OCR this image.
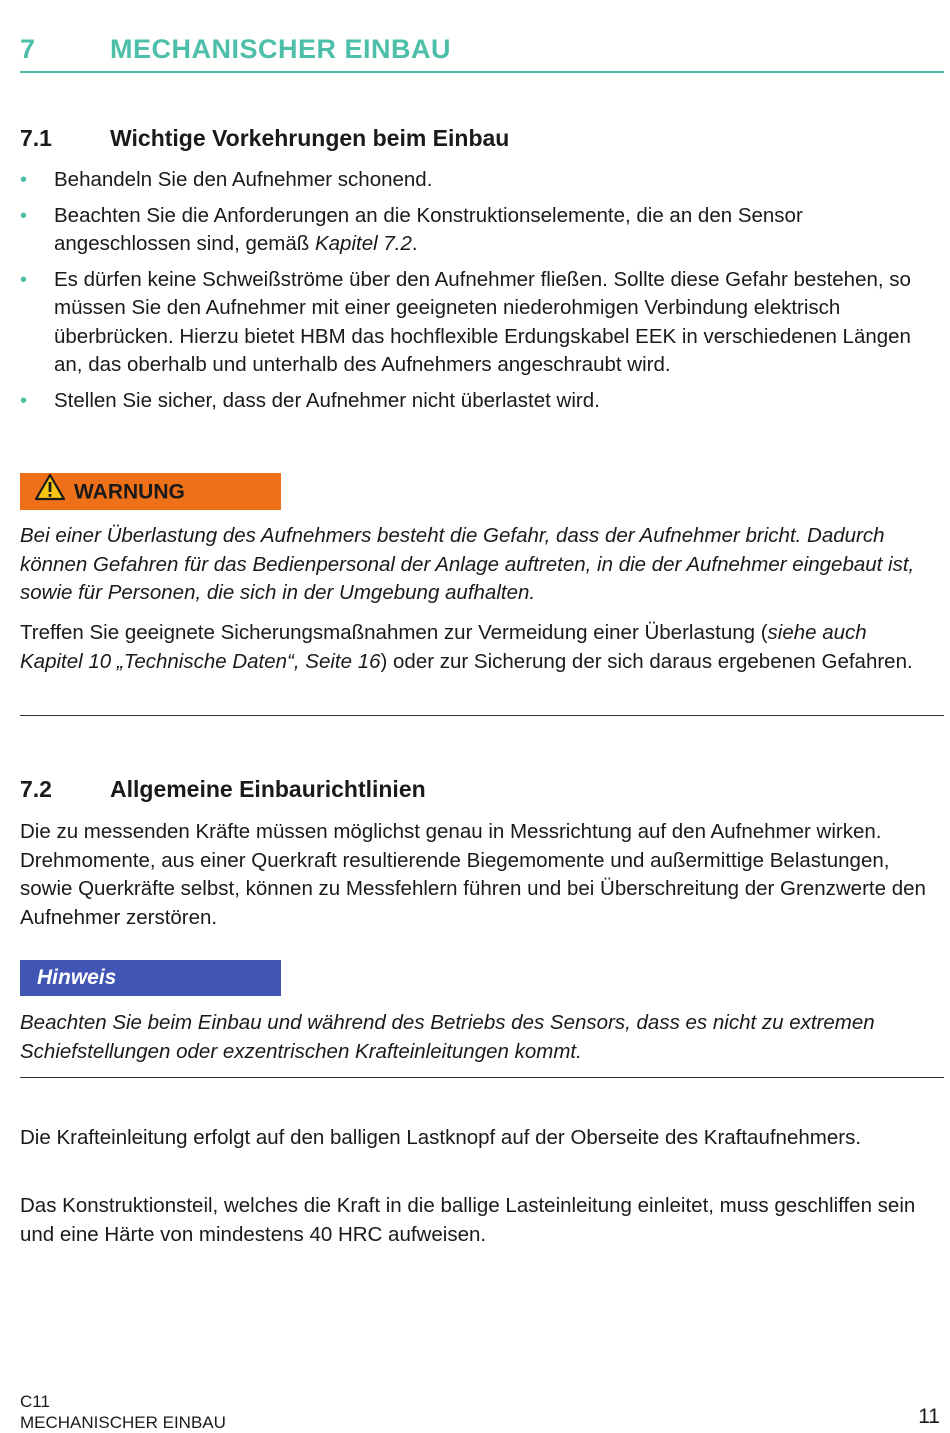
7	MECHANISCHER EINBAU
7.1	Wichtige Vorkehrungen beim Einbau
• Behandeln Sie den Aufnehmer schonend.
• Beachten Sie die Anforderungen an die Konstruktionselemente, die an den Sensor angeschlossen sind, gemäß Kapitel 7.2.
• Es dürfen keine Schweißströme über den Aufnehmer fließen. Sollte diese Gefahr bestehen, so müssen Sie den Aufnehmer mit einer geeigneten niederohmigen Verbindung elektrisch überbrücken. Hierzu bietet HBM das hochflexible Erdungskabel EEK in verschiedenen Längen an, das oberhalb und unterhalb des Aufnehmers angeschraubt wird.
• Stellen Sie sicher, dass der Aufnehmer nicht überlastet wird.
WARNUNG

Bei einer Überlastung des Aufnehmers besteht die Gefahr, dass der Aufnehmer bricht. Dadurch können Gefahren für das Bedienpersonal der Anlage auftreten, in die der Aufnehmer eingebaut ist, sowie für Personen, die sich in der Umgebung aufhalten.

Treffen Sie geeignete Sicherungsmaßnahmen zur Vermeidung einer Überlastung (siehe auch Kapitel 10 „Technische Daten“, Seite 16) oder zur Sicherung der sich daraus ergebenen Gefahren.

7.2	Allgemeine Einbaurichtlinien

Die zu messenden Kräfte müssen möglichst genau in Messrichtung auf den Aufnehmer wirken. Drehmomente, aus einer Querkraft resultierende Biegemomente und außermittige Belastungen, sowie Querkräfte selbst, können zu Messfehlern führen und bei Überschreitung der Grenzwerte den Aufnehmer zerstören.

Hinweis

Beachten Sie beim Einbau und während des Betriebs des Sensors, dass es nicht zu extremen Schiefstellungen oder exzentrischen Krafteinleitungen kommt.

Die Krafteinleitung erfolgt auf den balligen Lastknopf auf der Oberseite des Kraftaufnehmers.

Das Konstruktionsteil, welches die Kraft in die ballige Lasteinleitung einleitet, muss geschliffen sein und eine Härte von mindestens 40 HRC aufweisen.

C11
MECHANISCHER EINBAU	11
